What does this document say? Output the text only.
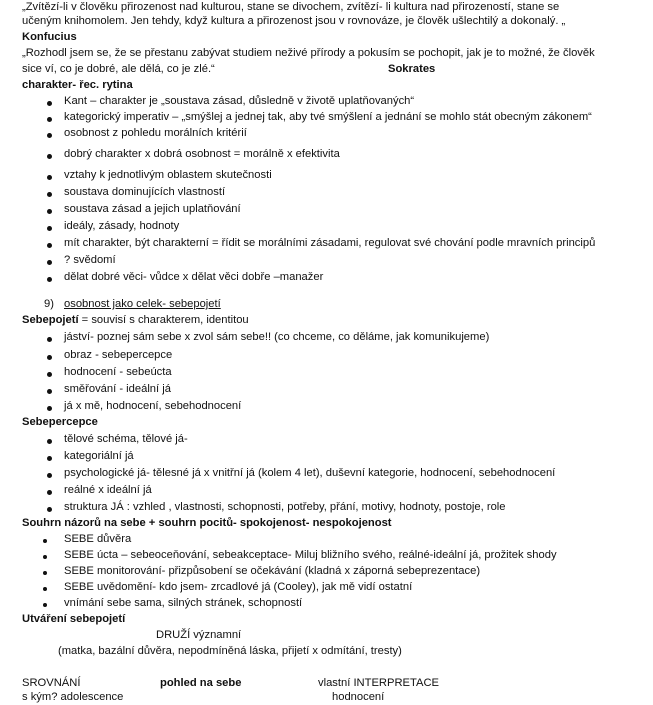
„Zvítězí-li v člověku přirozenost nad kulturou, stane se divochem, zvítězí- li kultura nad přirozeností, stane se
učeným knihomolem. Jen tehdy, když kultura a přirozenost jsou v rovnováze, je člověk ušlechtilý a dokonalý. „
Konfucius
„Rozhodl jsem se, že se přestanu zabývat studiem neživé přírody a pokusím se pochopit, jak je to možné, že člověk
sice ví, co je dobré, ale dělá, co je zlé.“	Sokrates
charakter- řec. rytina
Kant – charakter je „soustava zásad, důsledně v životě uplatňovaných“
kategorický imperativ – „smýšlej a jednej tak, aby tvé smýšlení a jednání se mohlo stát obecným zákonem“
osobnost z pohledu morálních kritérií
dobrý charakter x dobrá osobnost = morálně x efektivita
vztahy k jednotlivým oblastem skutečnosti
soustava dominujících vlastností
soustava zásad a jejich uplatňování
ideály, zásady, hodnoty
mít charakter, být charakterní = řídit se morálními zásadami, regulovat své chování podle mravních principů
? svědomí
dělat dobré věci- vůdce x dělat věci dobře –manažer
9) osobnost jako celek- sebepojetí
Sebepojetí = souvisí s charakterem, identitou
jáství- poznej sám sebe x zvol sám sebe!! (co chceme, co děláme, jak komunikujeme)
obraz - sebepercepce
hodnocení - sebeúcta
směřování - ideální já
já x mě, hodnocení, sebehodnocení
Sebepercepce
tělové schéma, tělové já-
kategoriální já
psychologické já- tělesné já x vnitřní já (kolem 4 let), duševní kategorie, hodnocení, sebehodnocení
reálné x ideální já
struktura JÁ : vzhled , vlastnosti, schopnosti, potřeby, přání, motivy, hodnoty, postoje, role
Souhrn názorů na sebe + souhrn pocitů- spokojenost- nespokojenost
SEBE důvěra
SEBE úcta – sebeoceňování, sebeakceptace- Miluj bližního svého, reálné-ideální já, prožitek shody
SEBE monitorování- přizpůsobení se očekávání (kladná x záporná sebeprezentace)
SEBE uvědomění- kdo jsem- zrcadlové já (Cooley), jak mě vidí ostatní
vnímání sebe sama, silných stránek, schopností
Utváření sebepojetí
DRUŽÍ významní
(matka, bazální důvěra, nepodmíněná láska, přijetí x odmítání, tresty)
SROVNÁNÍ	pohled na sebe	vlastní INTERPRETACE
s kým? adolescence	hodnocení
